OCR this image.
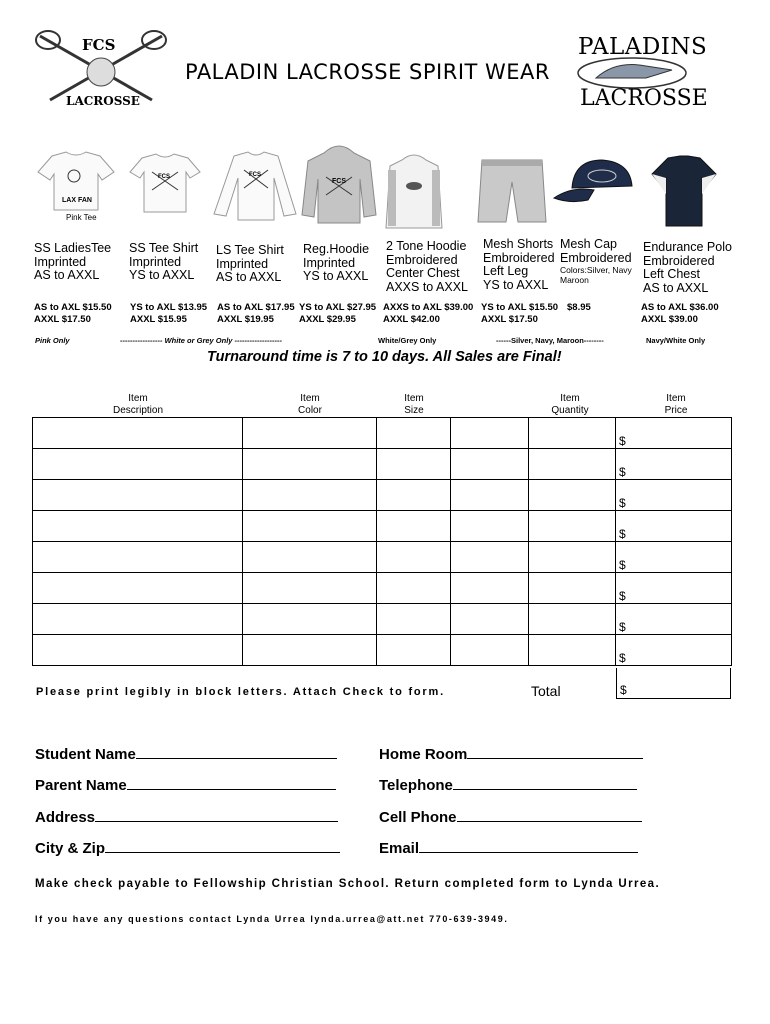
FCS
LACROSSE
PALADIN LACROSSE SPIRIT WEAR
PALADINS
LACROSSE
LAX FAN
Pink Tee
FCS	FCS
FCS
SS LadiesTee
Imprinted
AS to AXXL
SS Tee Shirt
Imprinted
YS to AXXL
LS Tee Shirt
Imprinted
AS to AXXL
Reg.Hoodie
Imprinted
YS to AXXL
2 Tone Hoodie
Embroidered
Center Chest
AXXS to AXXL
Mesh Shorts
Embroidered
Left Leg
YS to AXXL
Mesh Cap
Embroidered
Colors:Silver, Navy
Maroon
Endurance Polo
Embroidered
Left Chest
AS to AXXL
AS to AXL $15.50
AXXL $17.50
YS to AXL $13.95
AXXL $15.95
AS to AXL $17.95
AXXL $19.95
YS to AXL $27.95
AXXL $29.95
AXXS to AXL $39.00
AXXL $42.00
YS to AXL $15.50
AXXL $17.50
$8.95	AS to AXL $36.00
AXXL $39.00
Pink Only	----------------- White or Grey Only -------------------	White/Grey Only	------Silver, Navy, Maroon--------	Navy/White Only
Turnaround time is 7 to 10 days. All Sales are Final!
Item
Description
Item
Color
Item
Size
Item
Quantity
Item
Price
					$
					$
					$
					$
					$
					$
					$
					$
Please print legibly in block letters. Attach Check to form.	Total	$
Student Name	Home Room
Parent Name	Telephone
Address	Cell Phone
City & Zip	Email
Make check payable to Fellowship Christian School. Return completed form to Lynda Urrea.
If you have any questions contact Lynda Urrea lynda.urrea@att.net 770-639-3949.
